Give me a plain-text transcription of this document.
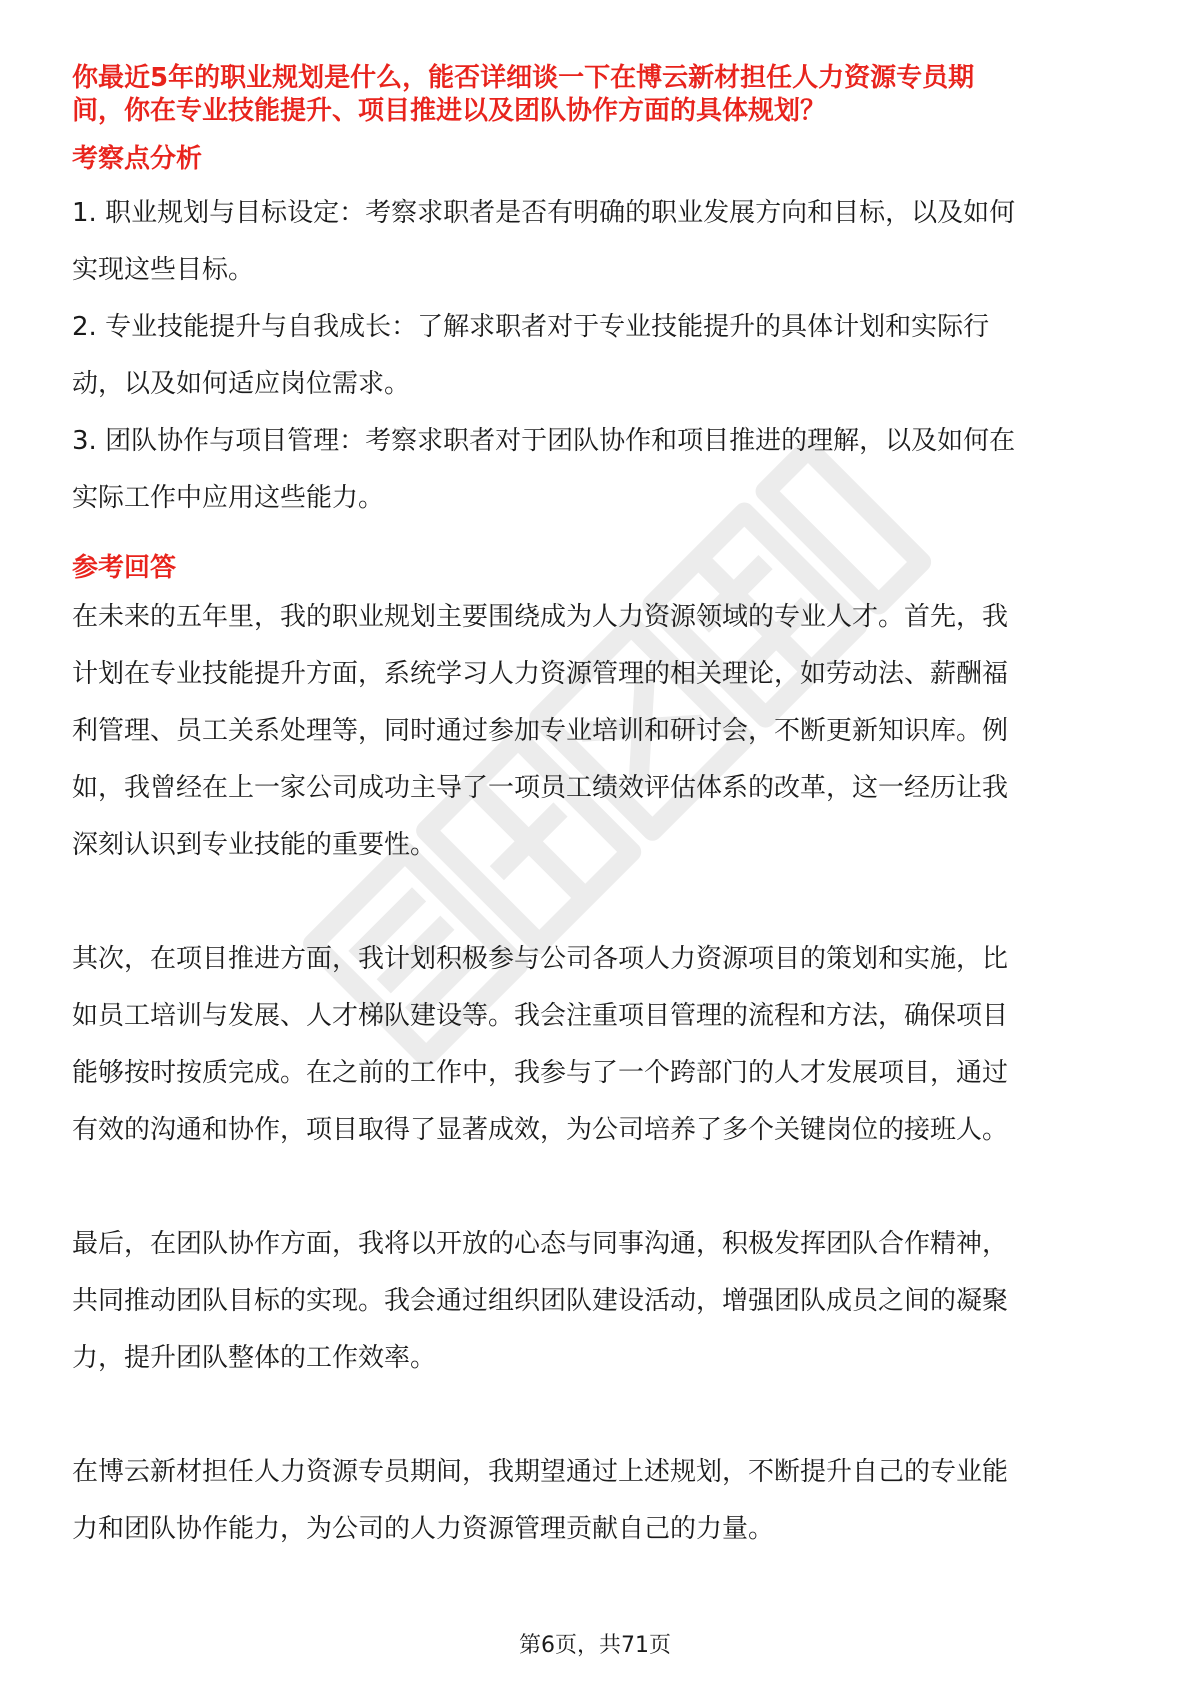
你最近5年的职业规划是什么，能否详细谈一下在博云新材担任人力资源专员期
间，你在专业技能提升、项目推进以及团队协作方面的具体规划？
考察点分析
1. 职业规划与目标设定：考察求职者是否有明确的职业发展方向和目标，以及如何
实现这些目标。
2. 专业技能提升与自我成长：了解求职者对于专业技能提升的具体计划和实际行
动，以及如何适应岗位需求。
3. 团队协作与项目管理：考察求职者对于团队协作和项目推进的理解，以及如何在
实际工作中应用这些能力。
参考回答
在未来的五年里，我的职业规划主要围绕成为人力资源领域的专业人才。首先，我
计划在专业技能提升方面，系统学习人力资源管理的相关理论，如劳动法、薪酬福
利管理、员工关系处理等，同时通过参加专业培训和研讨会，不断更新知识库。例
如，我曾经在上一家公司成功主导了一项员工绩效评估体系的改革，这一经历让我
深刻认识到专业技能的重要性。
其次，在项目推进方面，我计划积极参与公司各项人力资源项目的策划和实施，比
如员工培训与发展、人才梯队建设等。我会注重项目管理的流程和方法，确保项目
能够按时按质完成。在之前的工作中，我参与了一个跨部门的人才发展项目，通过
有效的沟通和协作，项目取得了显著成效，为公司培养了多个关键岗位的接班人。
最后，在团队协作方面，我将以开放的心态与同事沟通，积极发挥团队合作精神，
共同推动团队目标的实现。我会通过组织团队建设活动，增强团队成员之间的凝聚
力，提升团队整体的工作效率。
在博云新材担任人力资源专员期间，我期望通过上述规划，不断提升自己的专业能
力和团队协作能力，为公司的人力资源管理贡献自己的力量。
第6页，共71页
